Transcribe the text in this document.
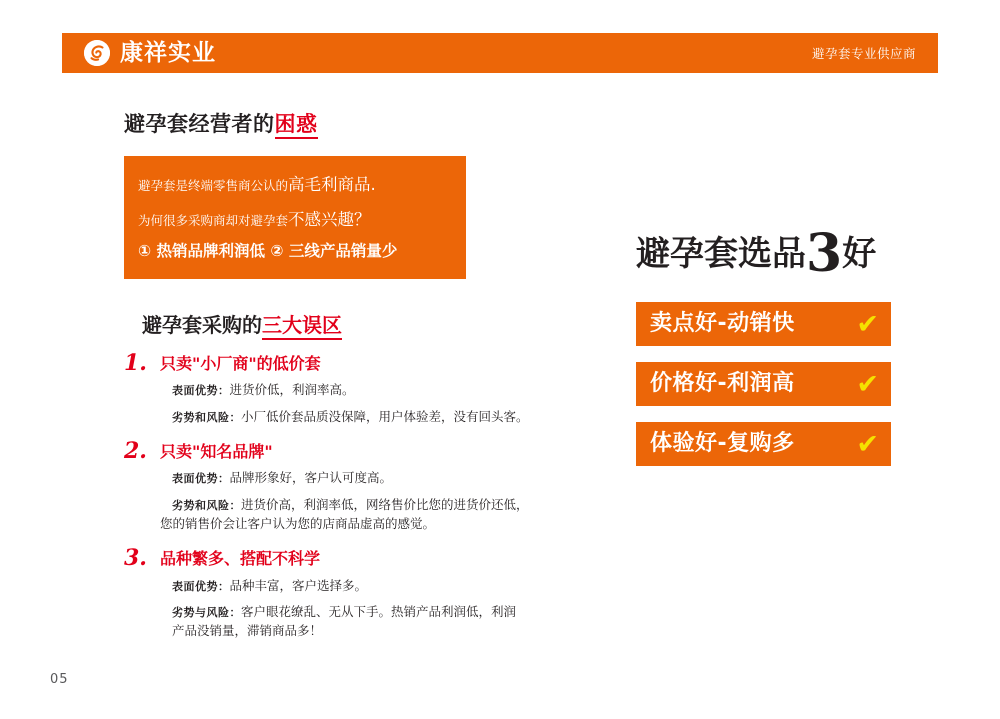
康祥实业	避孕套专业供应商
避孕套经营者的困惑
避孕套是终端零售商公认的高毛利商品.
为何很多采购商却对避孕套不感兴趣？
① 热销品牌利润低 ② 三线产品销量少
避孕套采购的三大误区
1. 只卖"小厂商"的低价套
表面优势：进货价低，利润率高。
劣势和风险：小厂低价套品质没保障，用户体验差，没有回头客。
2. 只卖"知名品牌"
表面优势：品牌形象好，客户认可度高。
劣势和风险：进货价高，利润率低，网络售价比您的进货价还低，
您的销售价会让客户认为您的店商品虚高的感觉。
3. 品种繁多、搭配不科学
表面优势：品种丰富，客户选择多。
劣势与风险：客户眼花缭乱、无从下手。热销产品利润低，利润
产品没销量，滞销商品多！
避孕套选品3好
卖点好-动销快 ✔
价格好-利润高 ✔
体验好-复购多 ✔
05
